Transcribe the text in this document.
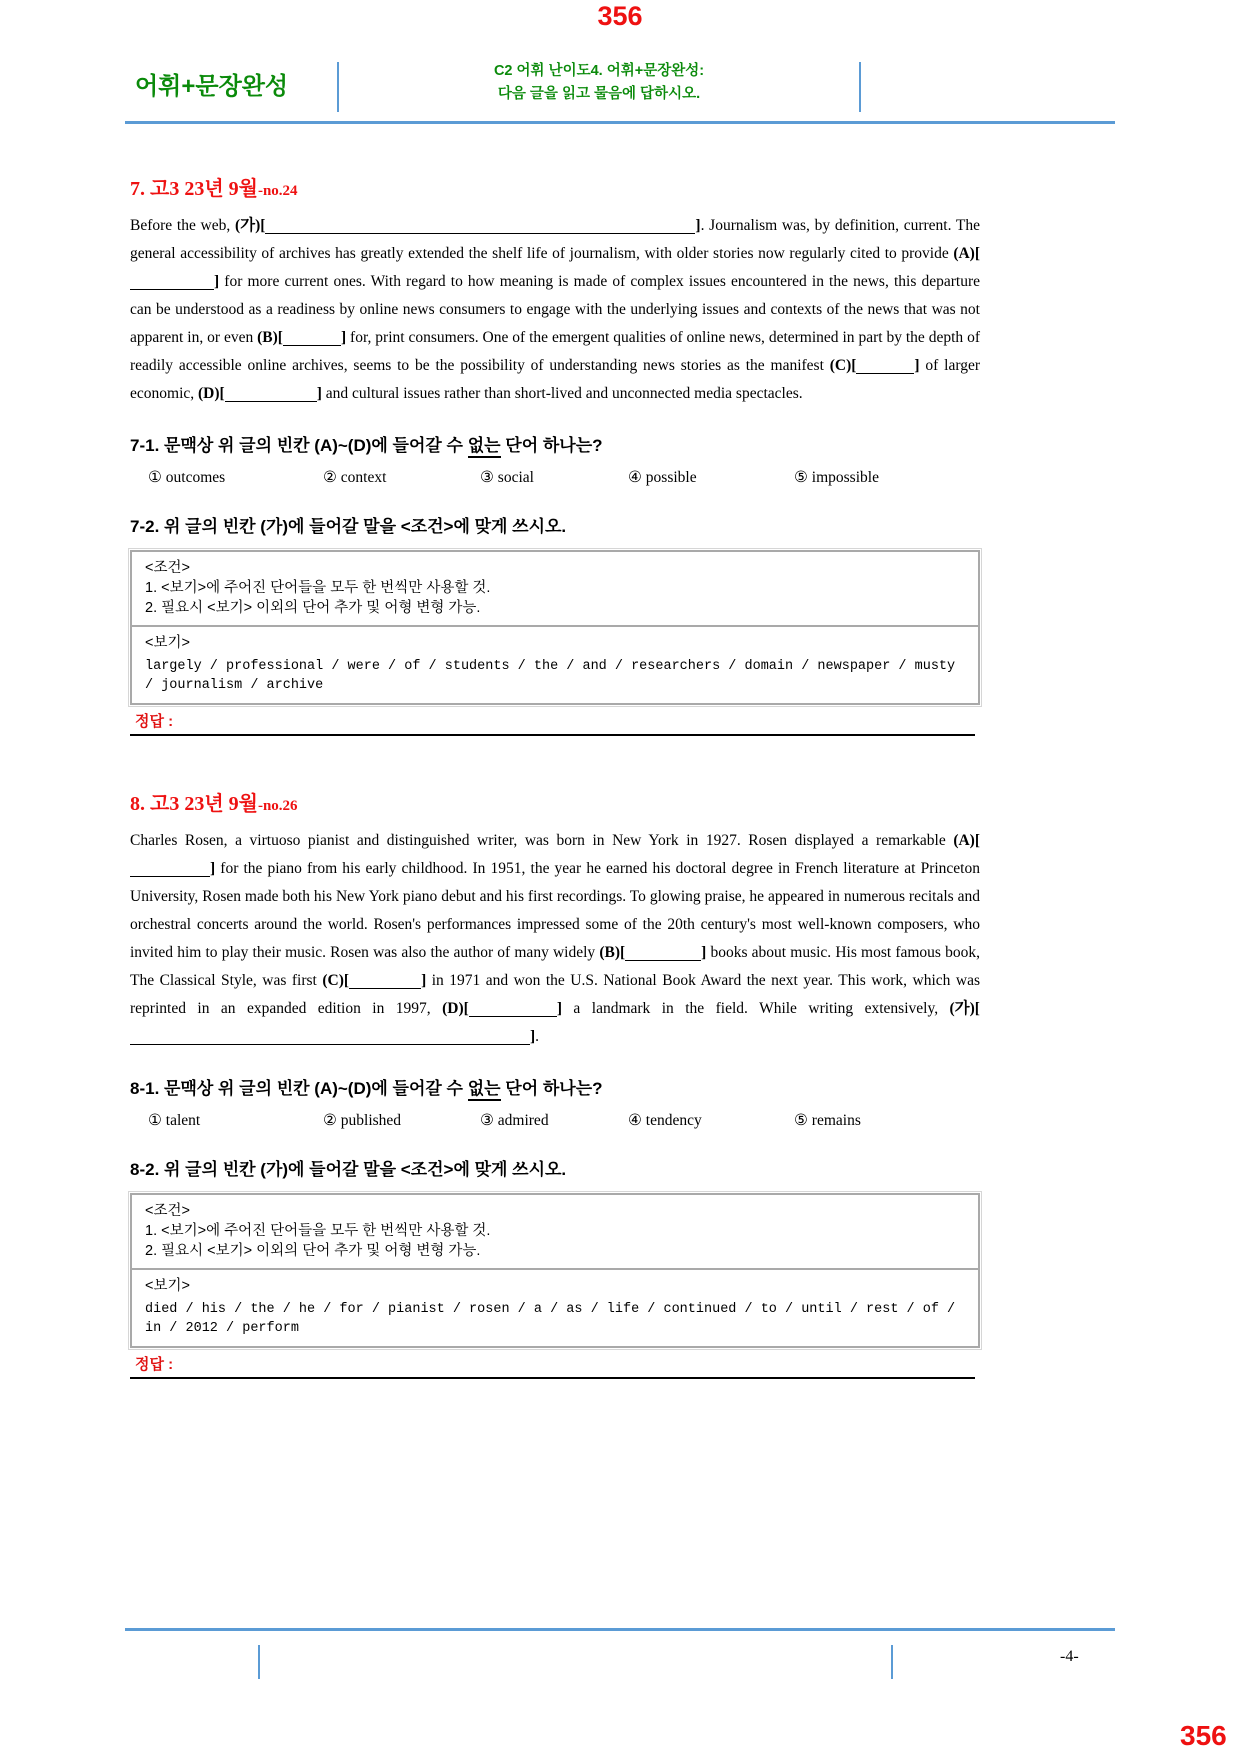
356
어휘+문장완성
C2 어휘 난이도4. 어휘+문장완성:
다음 글을 읽고 물음에 답하시오.
7. 고3 23년 9월-no.24
Before the web, (가)[	]. Journalism was, by definition, current. The general accessibility of archives has greatly extended the shelf life of journalism, with older stories now regularly cited to provide (A)[] for more current ones. With regard to how meaning is made of complex issues encountered in the news, this departure can be understood as a readiness by online news consumers to engage with the underlying issues and contexts of the news that was not apparent in, or even (B)[	] for, print consumers. One of the emergent qualities of online news, determined in part by the depth of readily accessible online archives, seems to be the possibility of understanding news stories as the manifest (C)[	] of larger economic, (D)[	] and cultural issues rather than short-lived and unconnected media spectacles.
7-1. 문맥상 위 글의 빈칸 (A)~(D)에 들어갈 수 없는 단어 하나는?
① outcomes	② context	③ social	④ possible	⑤ impossible
7-2. 위 글의 빈칸 (가)에 들어갈 말을 <조건>에 맞게 쓰시오.
<조건>
1. <보기>에 주어진 단어들을 모두 한 번씩만 사용할 것.
2. 필요시 <보기> 이외의 단어 추가 및 어형 변형 가능.
<보기>
largely / professional / were / of / students / the / and / researchers / domain / newspaper / musty / journalism / archive
정답 :
8. 고3 23년 9월-no.26
Charles Rosen, a virtuoso pianist and distinguished writer, was born in New York in 1927. Rosen displayed a remarkable (A)[] for the piano from his early childhood. In 1951, the year he earned his doctoral degree in French literature at Princeton University, Rosen made both his New York piano debut and his first recordings. To glowing praise, he appeared in numerous recitals and orchestral concerts around the world. Rosen's performances impressed some of the 20th century's most well-known composers, who invited him to play their music. Rosen was also the author of many widely (B)[	] books about music. His most famous book, The Classical Style, was first (C)[	] in 1971 and won the U.S. National Book Award the next year. This work, which was reprinted in an expanded edition in 1997, (D)[	] a landmark in the field. While writing extensively, (가)[].
8-1. 문맥상 위 글의 빈칸 (A)~(D)에 들어갈 수 없는 단어 하나는?
① talent	② published	③ admired	④ tendency	⑤ remains
8-2. 위 글의 빈칸 (가)에 들어갈 말을 <조건>에 맞게 쓰시오.
<조건>
1. <보기>에 주어진 단어들을 모두 한 번씩만 사용할 것.
2. 필요시 <보기> 이외의 단어 추가 및 어형 변형 가능.
<보기>
died / his / the / he / for / pianist / rosen / a / as / life / continued / to / until / rest / of / in / 2012 / perform
정답 :
-4-
356
